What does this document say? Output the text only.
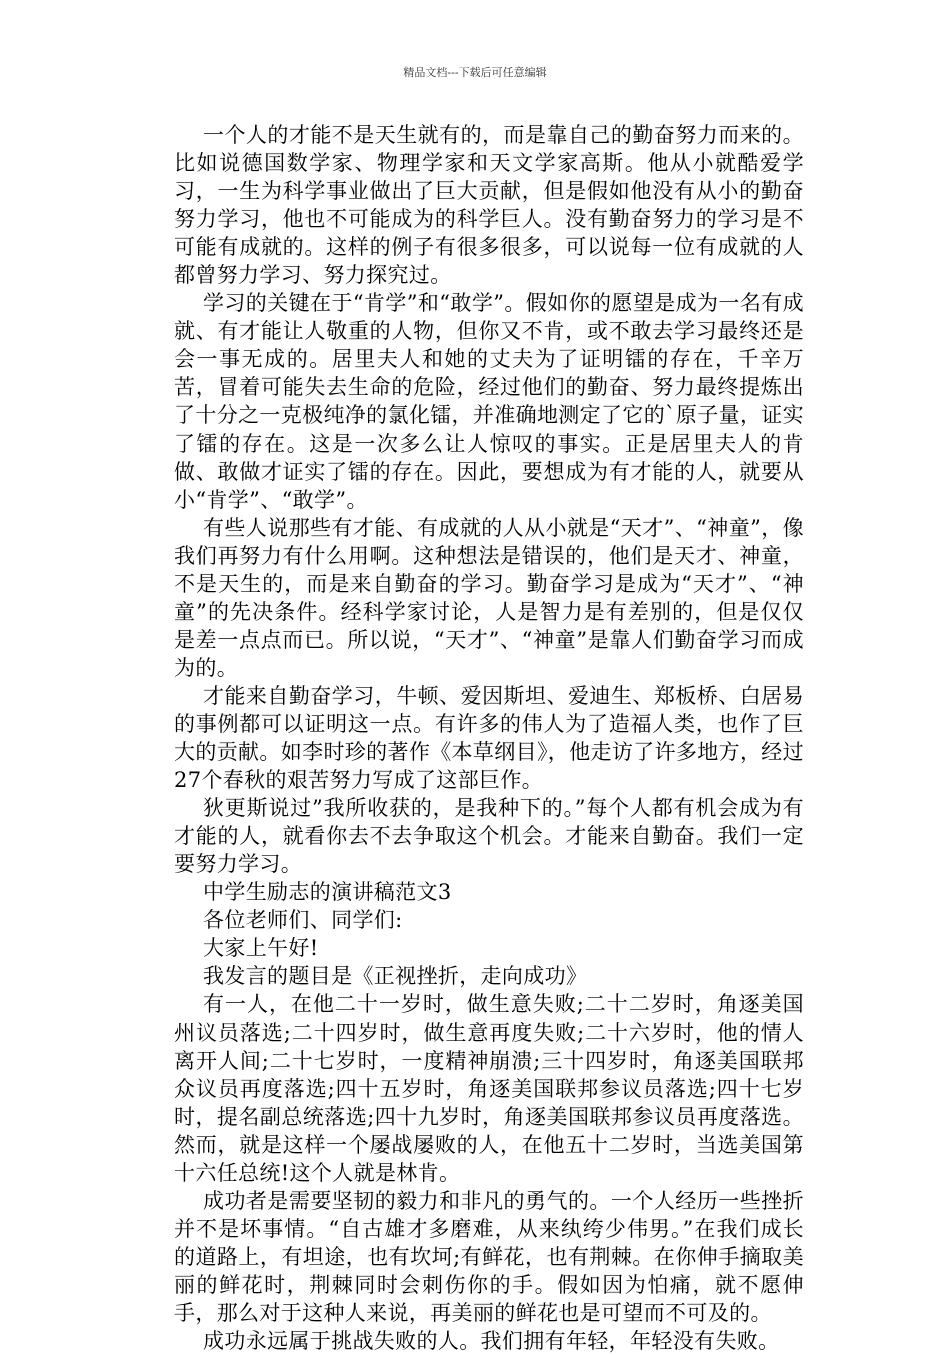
精品文档---下载后可任意编辑

一个人的才能不是天生就有的，而是靠自己的勤奋努力而来的。比如说德国数学家、物理学家和天文学家高斯。他从小就酷爱学习，一生为科学事业做出了巨大贡献，但是假如他没有从小的勤奋努力学习，他也不可能成为的科学巨人。没有勤奋努力的学习是不可能有成就的。这样的例子有很多很多，可以说每一位有成就的人都曾努力学习、努力探究过。

学习的关键在于“肯学”和“敢学”。假如你的愿望是成为一名有成就、有才能让人敬重的人物，但你又不肯，或不敢去学习最终还是会一事无成的。居里夫人和她的丈夫为了证明镭的存在，千辛万苦，冒着可能失去生命的危险，经过他们的勤奋、努力最终提炼出了十分之一克极纯净的氯化镭，并准确地测定了它的`原子量，证实了镭的存在。这是一次多么让人惊叹的事实。正是居里夫人的肯做、敢做才证实了镭的存在。因此，要想成为有才能的人，就要从小“肯学”、“敢学”。

有些人说那些有才能、有成就的人从小就是“天才”、“神童”，像我们再努力有什么用啊。这种想法是错误的，他们是天才、神童，不是天生的，而是来自勤奋的学习。勤奋学习是成为“天才”、“神童”的先决条件。经科学家讨论，人是智力是有差别的，但是仅仅是差一点点而已。所以说，“天才”、“神童”是靠人们勤奋学习而成为的。

才能来自勤奋学习，牛顿、爱因斯坦、爱迪生、郑板桥、白居易的事例都可以证明这一点。有许多的伟人为了造福人类，也作了巨大的贡献。如李时珍的著作《本草纲目》，他走访了许多地方，经过27个春秋的艰苦努力写成了这部巨作。

狄更斯说过”我所收获的，是我种下的。”每个人都有机会成为有才能的人，就看你去不去争取这个机会。才能来自勤奋。我们一定要努力学习。

中学生励志的演讲稿范文3

各位老师们、同学们:

大家上午好!

我发言的题目是《正视挫折，走向成功》

有一人，在他二十一岁时，做生意失败;二十二岁时，角逐美国州议员落选;二十四岁时，做生意再度失败;二十六岁时，他的情人离开人间;二十七岁时，一度精神崩溃;三十四岁时，角逐美国联邦众议员再度落选;四十五岁时，角逐美国联邦参议员落选;四十七岁时，提名副总统落选;四十九岁时，角逐美国联邦参议员再度落选。然而，就是这样一个屡战屡败的人，在他五十二岁时，当选美国第十六任总统!这个人就是林肯。

成功者是需要坚韧的毅力和非凡的勇气的。一个人经历一些挫折并不是坏事情。“自古雄才多磨难，从来纨绔少伟男。”在我们成长的道路上，有坦途，也有坎坷;有鲜花，也有荆棘。在你伸手摘取美丽的鲜花时，荆棘同时会刺伤你的手。假如因为怕痛，就不愿伸手，那么对于这种人来说，再美丽的鲜花也是可望而不可及的。

成功永远属于挑战失败的人。我们拥有年轻，年轻没有失败。
